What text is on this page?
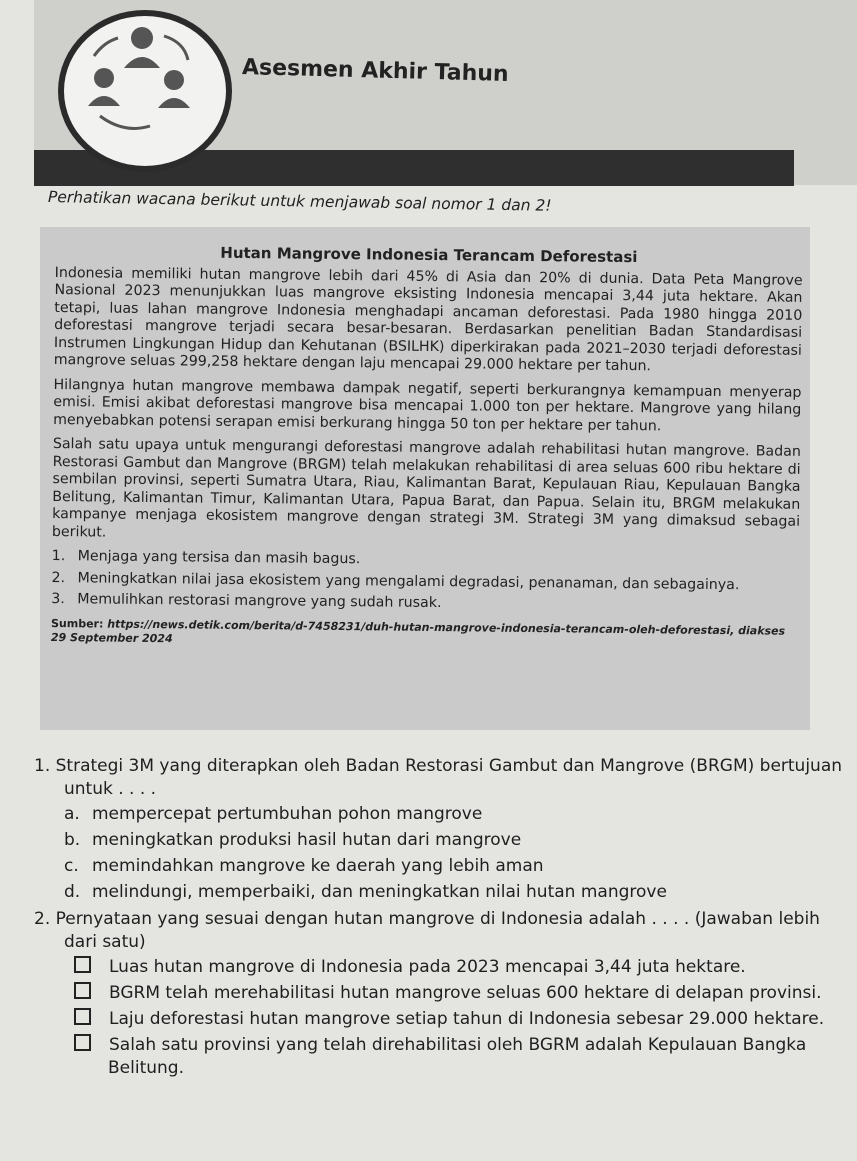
Asesmen Akhir Tahun
Perhatikan wacana berikut untuk menjawab soal nomor 1 dan 2!
Hutan Mangrove Indonesia Terancam Deforestasi

Indonesia memiliki hutan mangrove lebih dari 45% di Asia dan 20% di dunia. Data Peta Mangrove Nasional 2023 menunjukkan luas mangrove eksisting Indonesia mencapai 3,44 juta hektare. Akan tetapi, luas lahan mangrove Indonesia menghadapi ancaman deforestasi. Pada 1980 hingga 2010 deforestasi mangrove terjadi secara besar-besaran. Berdasarkan penelitian Badan Standardisasi Instrumen Lingkungan Hidup dan Kehutanan (BSILHK) diperkirakan pada 2021–2030 terjadi deforestasi mangrove seluas 299,258 hektare dengan laju mencapai 29.000 hektare per tahun.

Hilangnya hutan mangrove membawa dampak negatif, seperti berkurangnya kemampuan menyerap emisi. Emisi akibat deforestasi mangrove bisa mencapai 1.000 ton per hektare. Mangrove yang hilang menyebabkan potensi serapan emisi berkurang hingga 50 ton per hektare per tahun.

Salah satu upaya untuk mengurangi deforestasi mangrove adalah rehabilitasi hutan mangrove. Badan Restorasi Gambut dan Mangrove (BRGM) telah melakukan rehabilitasi di area seluas 600 ribu hektare di sembilan provinsi, seperti Sumatra Utara, Riau, Kalimantan Barat, Kepulauan Riau, Kepulauan Bangka Belitung, Kalimantan Timur, Kalimantan Utara, Papua Barat, dan Papua. Selain itu, BRGM melakukan kampanye menjaga ekosistem mangrove dengan strategi 3M. Strategi 3M yang dimaksud sebagai berikut.

1. Menjaga yang tersisa dan masih bagus.
2. Meningkatkan nilai jasa ekosistem yang mengalami degradasi, penanaman, dan sebagainya.
3. Memulihkan restorasi mangrove yang sudah rusak.
Sumber: https://news.detik.com/berita/d-7458231/duh-hutan-mangrove-indonesia-terancam-oleh-deforestasi, diakses 29 September 2024
1. Strategi 3M yang diterapkan oleh Badan Restorasi Gambut dan Mangrove (BRGM) bertujuan untuk . . . .
a. mempercepat pertumbuhan pohon mangrove
b. meningkatkan produksi hasil hutan dari mangrove
c. memindahkan mangrove ke daerah yang lebih aman
d. melindungi, memperbaiki, dan meningkatkan nilai hutan mangrove
2. Pernyataan yang sesuai dengan hutan mangrove di Indonesia adalah . . . . (Jawaban lebih dari satu)
Luas hutan mangrove di Indonesia pada 2023 mencapai 3,44 juta hektare.
BGRM telah merehabilitasi hutan mangrove seluas 600 hektare di delapan provinsi.
Laju deforestasi hutan mangrove setiap tahun di Indonesia sebesar 29.000 hektare.
Salah satu provinsi yang telah direhabilitasi oleh BGRM adalah Kepulauan Bangka Belitung.
